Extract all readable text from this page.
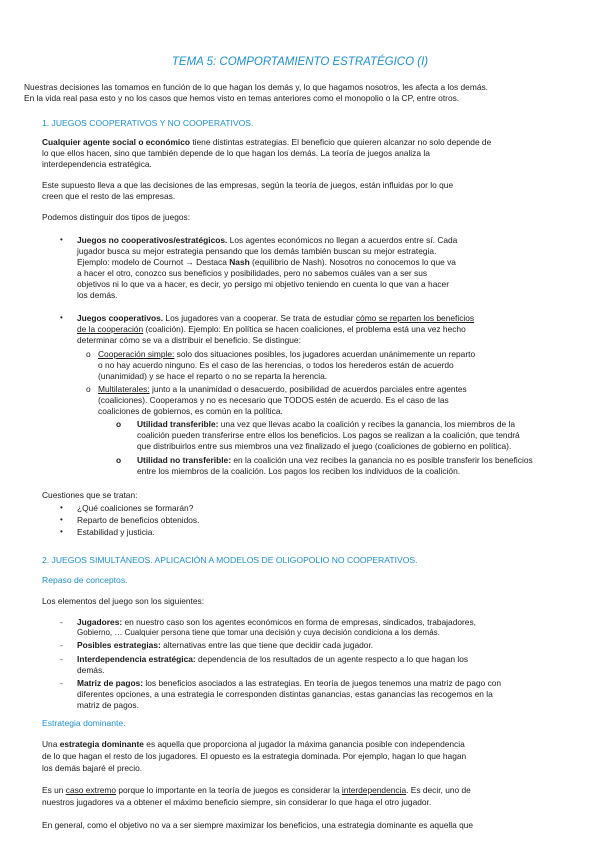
TEMA 5: COMPORTAMIENTO ESTRATÉGICO (I)
Nuestras decisiones las tomamos en función de lo que hagan los demás y, lo que hagamos nosotros, les afecta a los demás.
En la vida real pasa esto y no los casos que hemos visto en temas anteriores como el monopolio o la CP, entre otros.
1. JUEGOS COOPERATIVOS Y NO COOPERATIVOS.
Cualquier agente social o económico tiene distintas estrategias. El beneficio que quieren alcanzar no solo depende de
lo que ellos hacen, sino que también depende de lo que hagan los demás. La teoría de juegos analiza la
interdependencia estratégica.
Este supuesto lleva a que las decisiones de las empresas, según la teoría de juegos, están influidas por lo que
creen que el resto de las empresas.
Podemos distinguir dos tipos de juegos:
• Juegos no cooperativos/estratégicos. Los agentes económicos no llegan a acuerdos entre sí. Cada
jugador busca su mejor estrategia pensando que los demás también buscan su mejor estrategia.
Ejemplo: modelo de Cournot → Destaca Nash (equilibrio de Nash). Nosotros no conocemos lo que va
a hacer el otro, conozco sus beneficios y posibilidades, pero no sabemos cuáles van a ser sus
objetivos ni lo que va a hacer, es decir, yo persigo mi objetivo teniendo en cuenta lo que van a hacer
los demás.
• Juegos cooperativos. Los jugadores van a cooperar. Se trata de estudiar cómo se reparten los beneficios
de la cooperación (coalición). Ejemplo: En política se hacen coaliciones, el problema está una vez hecho
determinar cómo se va a distribuir el beneficio. Se distingue:
o Cooperación simple: solo dos situaciones posibles, los jugadores acuerdan unánimemente un reparto
o no hay acuerdo ninguno. Es el caso de las herencias, o todos los herederos están de acuerdo
(unanimidad) y se hace el reparto o no se reparta la herencia.
o Multilaterales: junto a la unanimidad o desacuerdo, posibilidad de acuerdos parciales entre agentes
(coaliciones). Cooperamos y no es necesario que TODOS estén de acuerdo. Es el caso de las
coaliciones de gobiernos, es común en la política.
o Utilidad transferible: una vez que llevas acabo la coalición y recibes la ganancia, los miembros de la
coalición pueden transferirse entre ellos los beneficios. Los pagos se realizan a la coalición, que tendrá
que distribuirlos entre sus miembros una vez finalizado el juego (coaliciones de gobierno en política).
o Utilidad no transferible: en la coalición una vez recibes la ganancia no es posible transferir los beneficios
entre los miembros de la coalición. Los pagos los reciben los individuos de la coalición.
Cuestiones que se tratan:
• ¿Qué coaliciones se formarán?
• Reparto de beneficios obtenidos.
• Estabilidad y justicia.
2. JUEGOS SIMULTÁNEOS. APLICACIÓN A MODELOS DE OLIGOPOLIO NO COOPERATIVOS.
Repaso de conceptos.
Los elementos del juego son los siguientes:
- Jugadores: en nuestro caso son los agentes económicos en forma de empresas, sindicados, trabajadores,
Gobierno, … Cualquier persona tiene que tomar una decisión y cuya decisión condiciona a los demás.
- Posibles estrategias: alternativas entre las que tiene que decidir cada jugador.
- Interdependencia estratégica: dependencia de los resultados de un agente respecto a lo que hagan los
demás.
- Matriz de pagos: los beneficios asociados a las estrategias. En teoría de juegos tenemos una matriz de pago con
diferentes opciones, a una estrategia le corresponden distintas ganancias, estas ganancias las recogemos en la
matriz de pagos.
Estrategia dominante.
Una estrategia dominante es aquella que proporciona al jugador la máxima ganancia posible con independencia
de lo que hagan el resto de los jugadores. El opuesto es la estrategia dominada. Por ejemplo, hagan lo que hagan
los demás bajaré el precio.
Es un caso extremo porque lo importante en la teoría de juegos es considerar la interdependencia. Es decir, uno de
nuestros jugadores va a obtener el máximo beneficio siempre, sin considerar lo que haga el otro jugador.
En general, como el objetivo no va a ser siempre maximizar los beneficios, una estrategia dominante es aquella que
